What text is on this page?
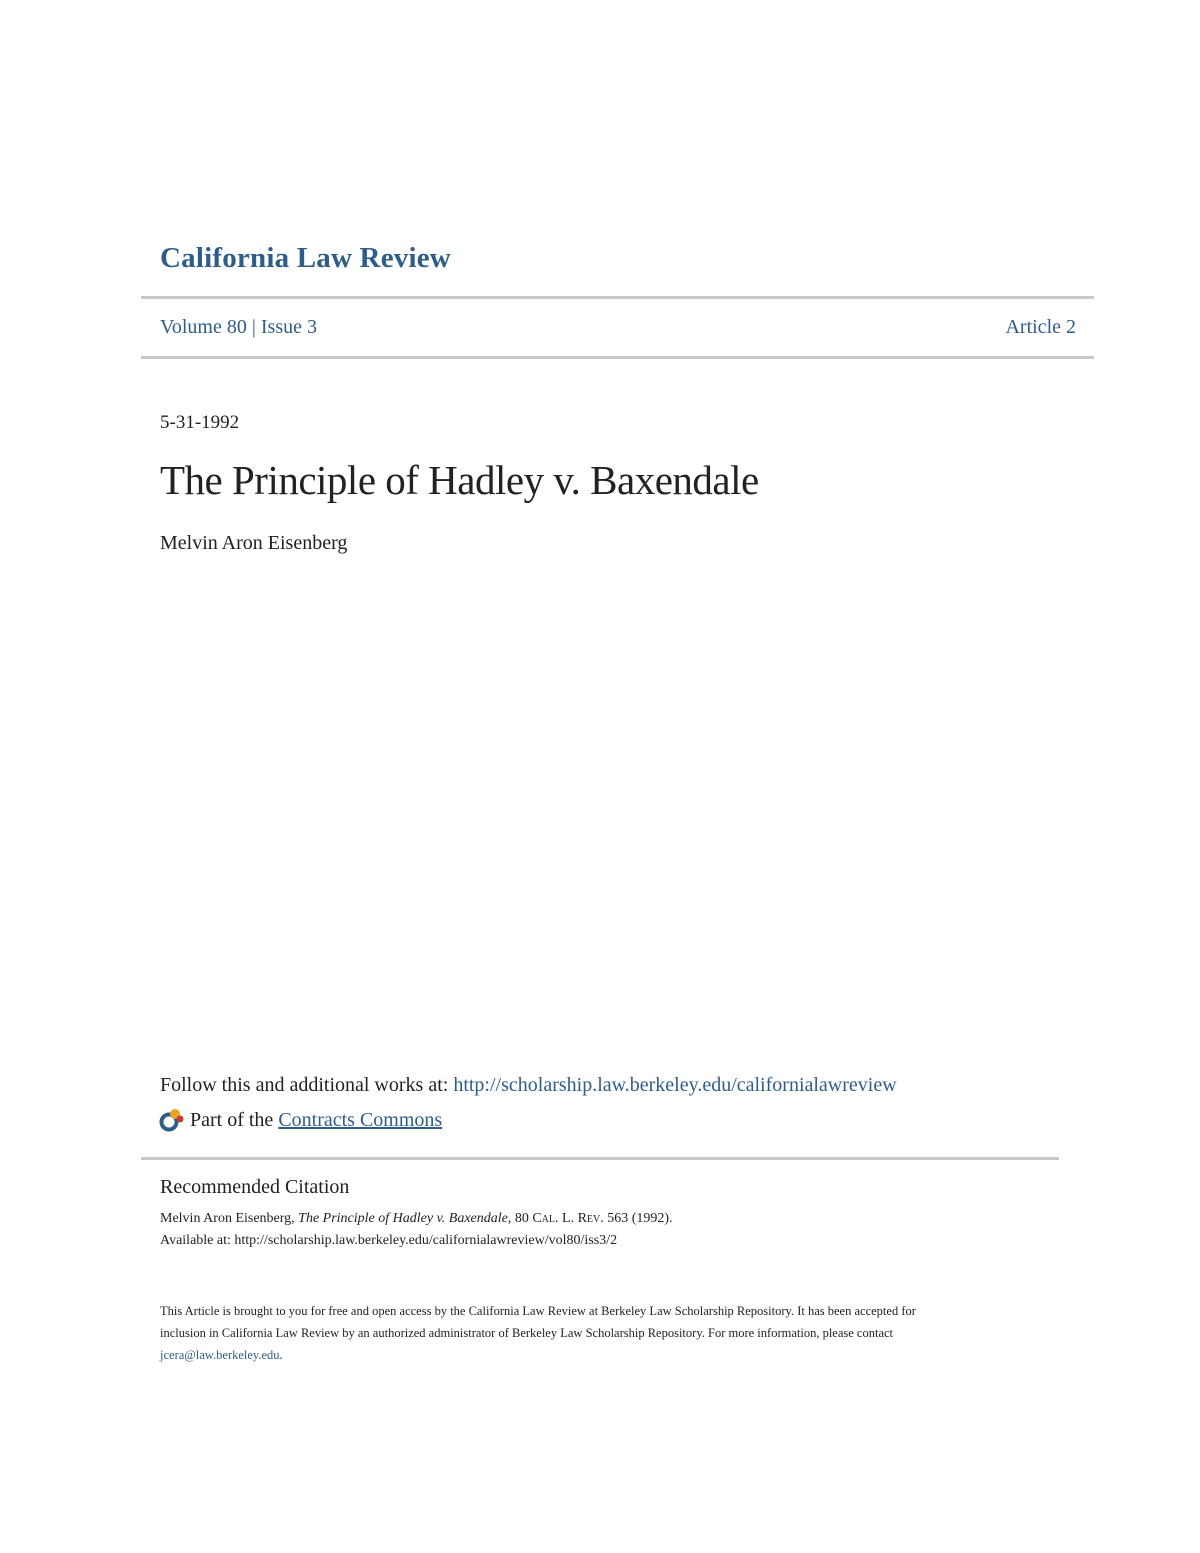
California Law Review
Volume 80 | Issue 3	Article 2
5-31-1992
The Principle of Hadley v. Baxendale
Melvin Aron Eisenberg
Follow this and additional works at: http://scholarship.law.berkeley.edu/californialawreview
Part of the
Contracts Commons
Recommended Citation
Melvin Aron Eisenberg, The Principle of Hadley v. Baxendale, 80 Cal. L. Rev. 563 (1992).
Available at: http://scholarship.law.berkeley.edu/californialawreview/vol80/iss3/2
This Article is brought to you for free and open access by the California Law Review at Berkeley Law Scholarship Repository. It has been accepted for
inclusion in California Law Review by an authorized administrator of Berkeley Law Scholarship Repository. For more information, please contact
jcera@law.berkeley.edu.
